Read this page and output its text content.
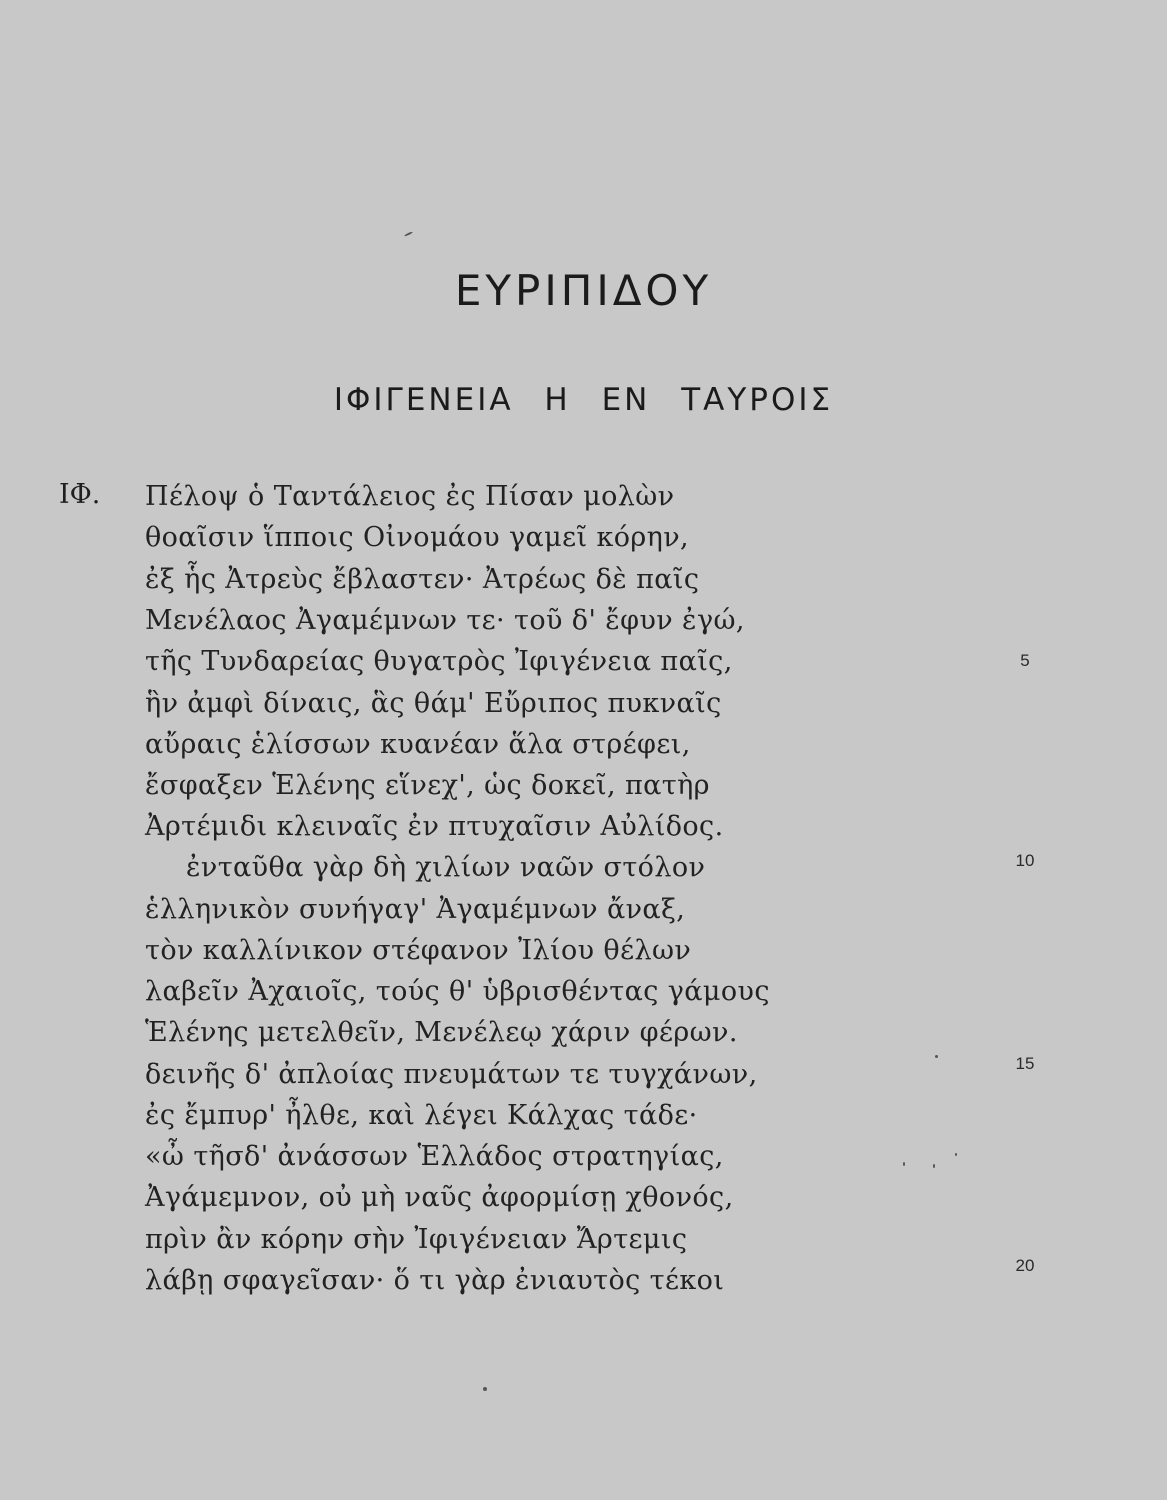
ΕΥΡΙΠΙΔΟΥ
ΙΦΙΓΕΝΕΙΑ Η ΕΝ ΤΑΥΡΟΙΣ
ΙΦ. Πέλοψ ὁ Ταντάλειος ἐς Πίσαν μολὼν
θοαῖσιν ἵπποις Οἰνομάου γαμεῖ κόρην,
ἐξ ἧς Ἀτρεὺς ἔβλαστεν· Ἀτρέως δὲ παῖς
Μενέλαος Ἀγαμέμνων τε· τοῦ δ' ἔφυν ἐγώ,
τῆς Τυνδαρείας θυγατρὸς Ἰφιγένεια παῖς,
ἣν ἀμφὶ δίναις, ἃς θάμ' Εὔριπος πυκναῖς
αὔραις ἑλίσσων κυανέαν ἅλα στρέφει,
ἔσφαξεν Ἑλένης εἵνεχ', ὡς δοκεῖ, πατὴρ
Ἀρτέμιδι κλειναῖς ἐν πτυχαῖσιν Αὐλίδος.
ἐνταῦθα γὰρ δὴ χιλίων ναῶν στόλον
ἑλληνικὸν συνήγαγ' Ἀγαμέμνων ἄναξ,
τὸν καλλίνικον στέφανον Ἰλίου θέλων
λαβεῖν Ἀχαιοῖς, τούς θ' ὑβρισθέντας γάμους
Ἑλένης μετελθεῖν, Μενέλεῳ χάριν φέρων.
δεινῆς δ' ἀπλοίας πνευμάτων τε τυγχάνων,
ἐς ἔμπυρ' ἦλθε, καὶ λέγει Κάλχας τάδε·
«ὦ τῆσδ' ἀνάσσων Ἑλλάδος στρατηγίας,
Ἀγάμεμνον, οὐ μὴ ναῦς ἀφορμίσῃ χθονός,
πρὶν ἂν κόρην σὴν Ἰφιγένειαν Ἄρτεμις
λάβῃ σφαγεῖσαν· ὅ τι γὰρ ἐνιαυτὸς τέκοι
5
10
15
20
